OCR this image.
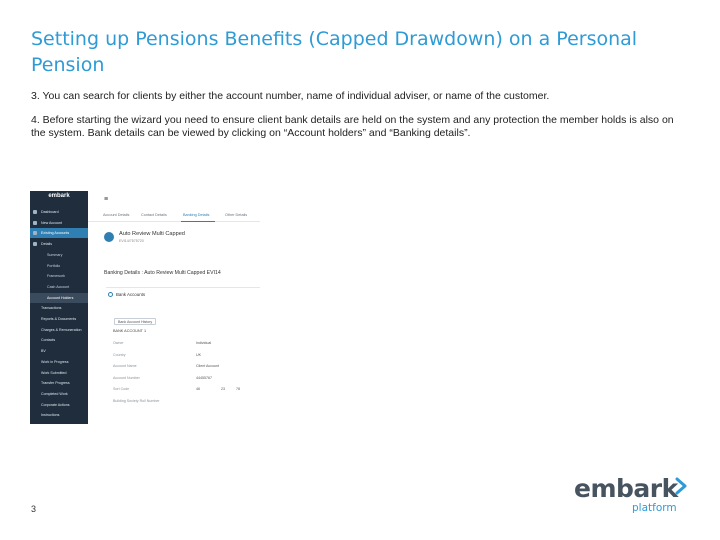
Setting up Pensions Benefits (Capped Drawdown) on a Personal Pension

3. You can search for clients by either the account number, name of individual adviser, or name of the customer.

4. Before starting the wizard you need to ensure client bank details are held on the system and any protection the member holds is also on the system. Bank details can be viewed by clicking on “Account holders” and “Banking details”.

embark
Dashboard
New Account
Existing Accounts
Details
Summary
Portfolio
Framework
Cash Account
Account Holders
Transactions
Reports & Documents
Charges & Remuneration
Contacts
BV
Work in Progress
Work Submitted
Transfer Progress
Completed Work
Corporate Actions
Instructions
≡
Account Details	Contact Details	Banking Details	Other Details
Auto Review Multi Capped
EVI14/7575720
Banking Details : Auto Review Multi Capped EVI14
Bank Accounts
Bank Account History
BANK ACCOUNT 1
Owner	Individual
Country	UK
Account Name	Client Account
Account Number	44455767
Sort Code	46	23	78
Building Society Roll Number
3
embark
platform
